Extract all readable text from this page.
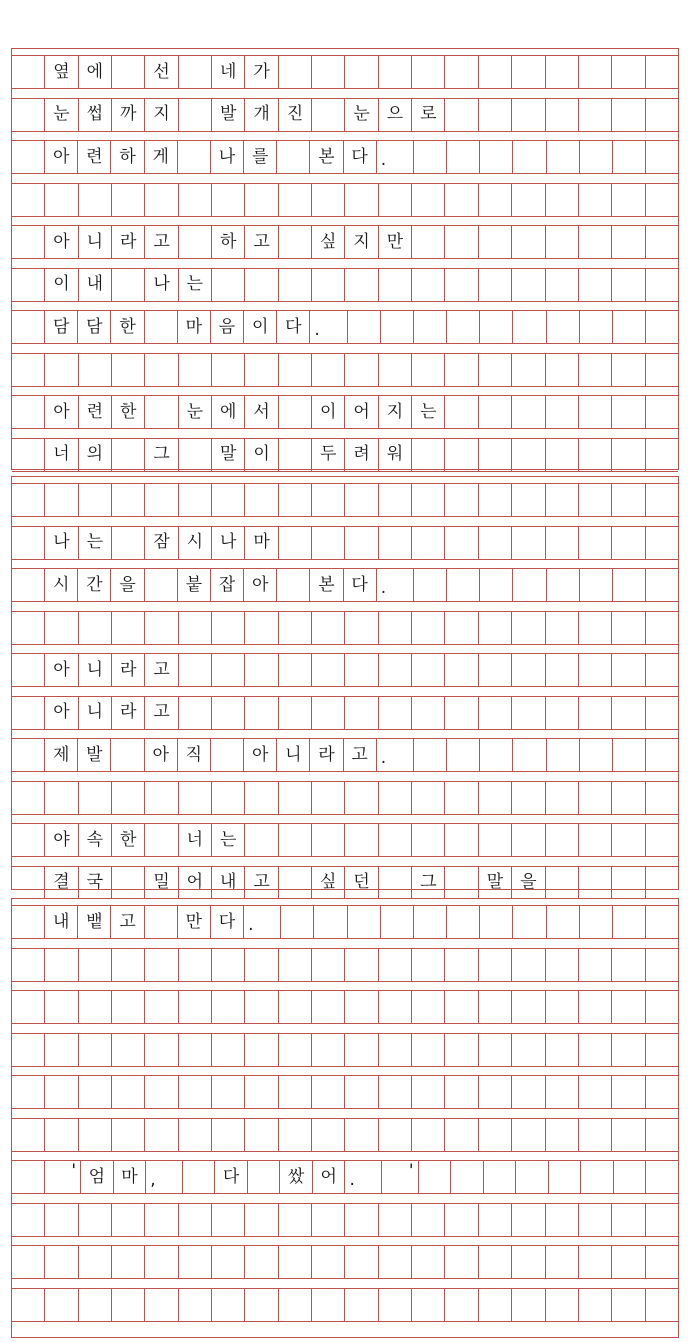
옆 에	선	네 가
눈 썹 까 지	발 개 진	눈 으 로
아 련 하 게	나 를	본 다 .
아 니 라 고	하 고	싶 지 만
이 내	나 는
담 담 한	마 음 이 다 .
아 련 한	눈 에 서	이 어 지 는
너 의	그	말 이	두 려 워
나 는	잠 시 나 마
시 간 을	붙 잡 아	본 다 .
아 니 라 고
아 니 라 고
제 발	아 직	아 니 라 고 .
야 속 한	너 는
결 국	밀 어 내 고	싶 던	그	말 을
내 뱉 고	만 다 .
' 엄 마 ,	다	쌌 어 .	'
